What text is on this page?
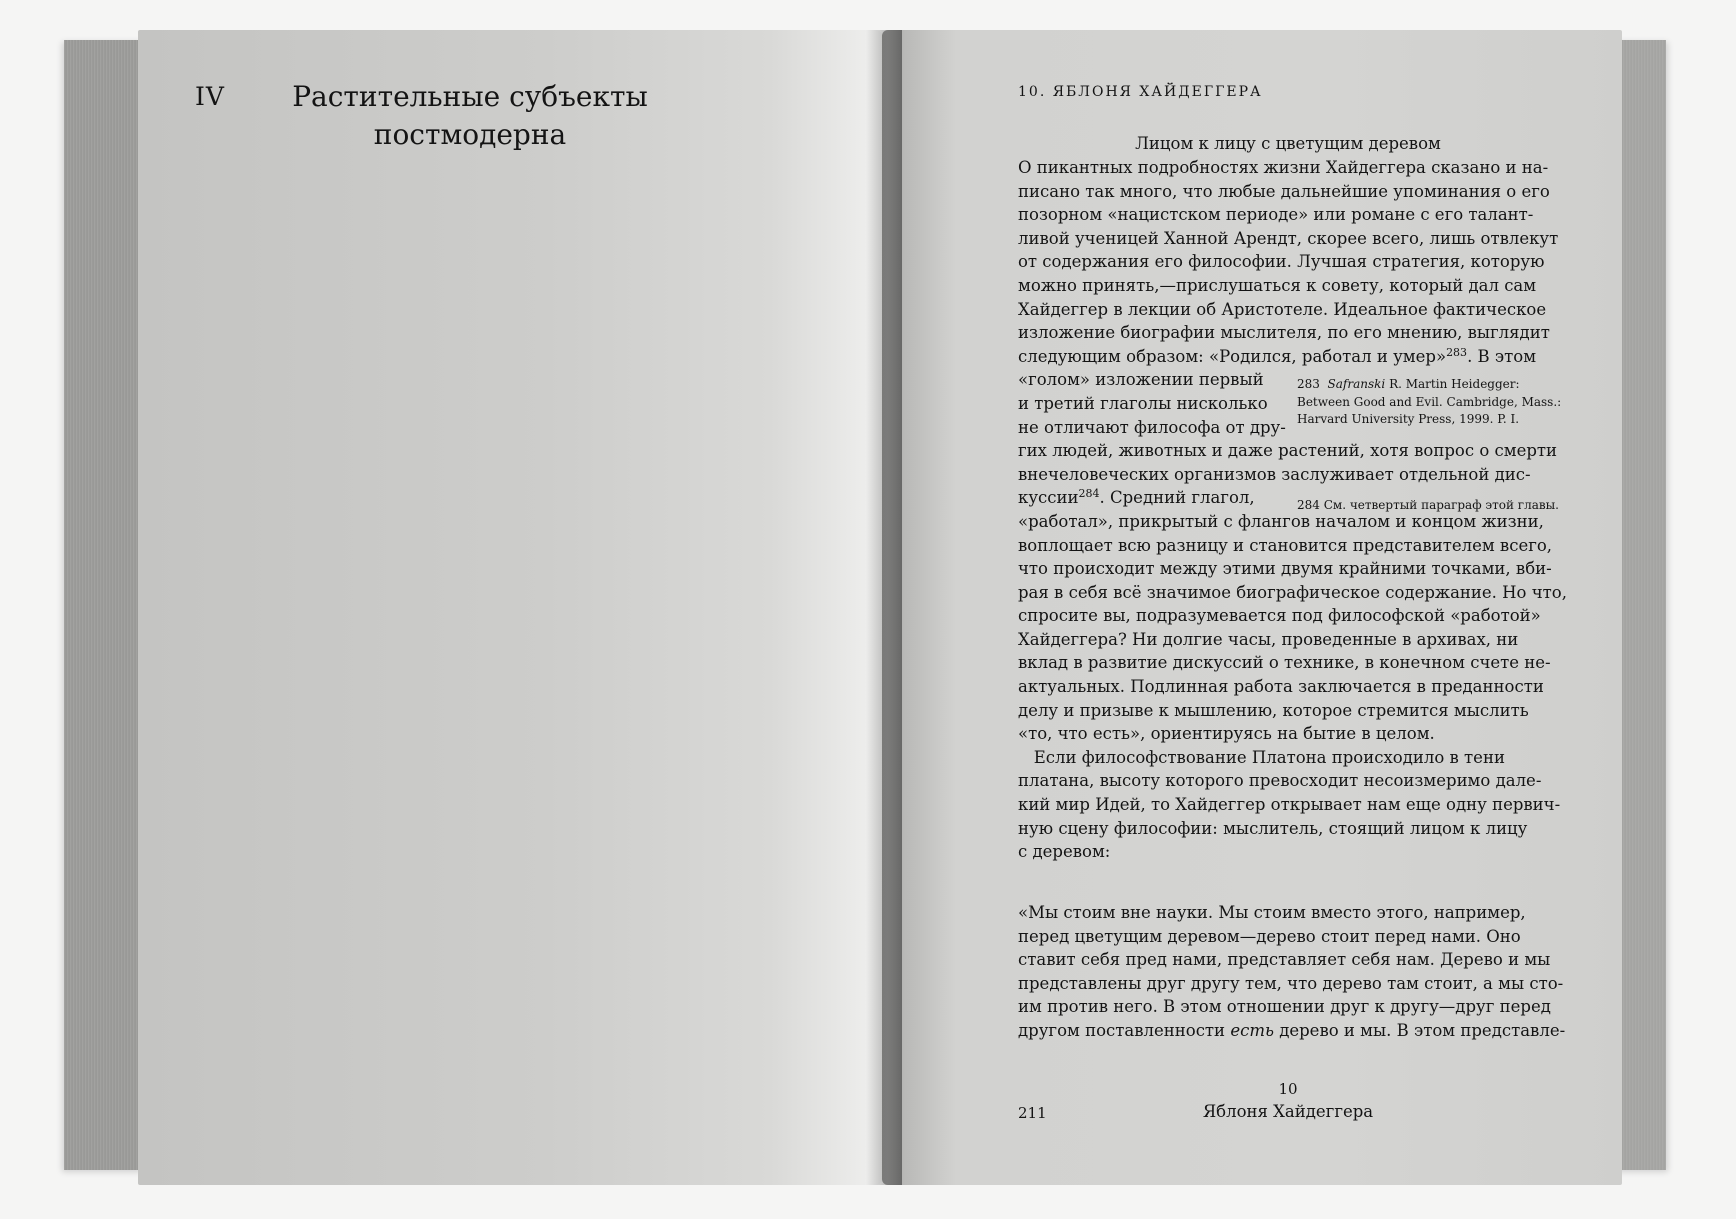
IV	Растительные субъекты
постмодерна
10. ЯБЛОНЯ ХАЙДЕГГЕРА
Лицом к лицу с цветущим деревом
О пикантных подробностях жизни Хайдеггера сказано и на-
писано так много, что любые дальнейшие упоминания о его
позорном «нацистском периоде» или романе с его талант-
ливой ученицей Ханной Арендт, скорее всего, лишь отвлекут
от содержания его философии. Лучшая стратегия, которую
можно принять,—прислушаться к совету, который дал сам
Хайдеггер в лекции об Аристотеле. Идеальное фактическое
изложение биографии мыслителя, по его мнению, выглядит
следующим образом: «Родился, работал и умер»$^{283}$. В этом
«голом» изложении первый
и третий глаголы нисколько
не отличают философа от дру-
гих людей, животных и даже растений, хотя вопрос о смерти
внечеловеческих организмов заслуживает отдельной дис-
куссии$^{284}$. Средний глагол,
«работал», прикрытый с флангов началом и концом жизни,
воплощает всю разницу и становится представителем всего,
что происходит между этими двумя крайними точками, вби-
рая в себя всё значимое биографическое содержание. Но что,
спросите вы, подразумевается под философской «работой»
Хайдеггера? Ни долгие часы, проведенные в архивах, ни
вклад в развитие дискуссий о технике, в конечном счете не-
актуальных. Подлинная работа заключается в преданности
делу и призыве к мышлению, которое стремится мыслить
«то, что есть», ориентируясь на бытие в целом.
Если философствование Платона происходило в тени
платана, высоту которого превосходит несоизмеримо дале-
кий мир Идей, то Хайдеггер открывает нам еще одну первич-
ную сцену философии: мыслитель, стоящий лицом к лицу
с деревом:
283 Safranski R. Martin Heidegger:
Between Good and Evil. Cambridge, Mass.:
Harvard University Press, 1999. P. I.
284 См. четвертый параграф этой главы.
«Мы стоим вне науки. Мы стоим вместо этого, например,
перед цветущим деревом—дерево стоит перед нами. Оно
ставит себя пред нами, представляет себя нам. Дерево и мы
представлены друг другу тем, что дерево там стоит, а мы сто-
им против него. В этом отношении друг к другу—друг перед
другом поставленности есть дерево и мы. В этом представле-
10
211	Яблоня Хайдеггера
